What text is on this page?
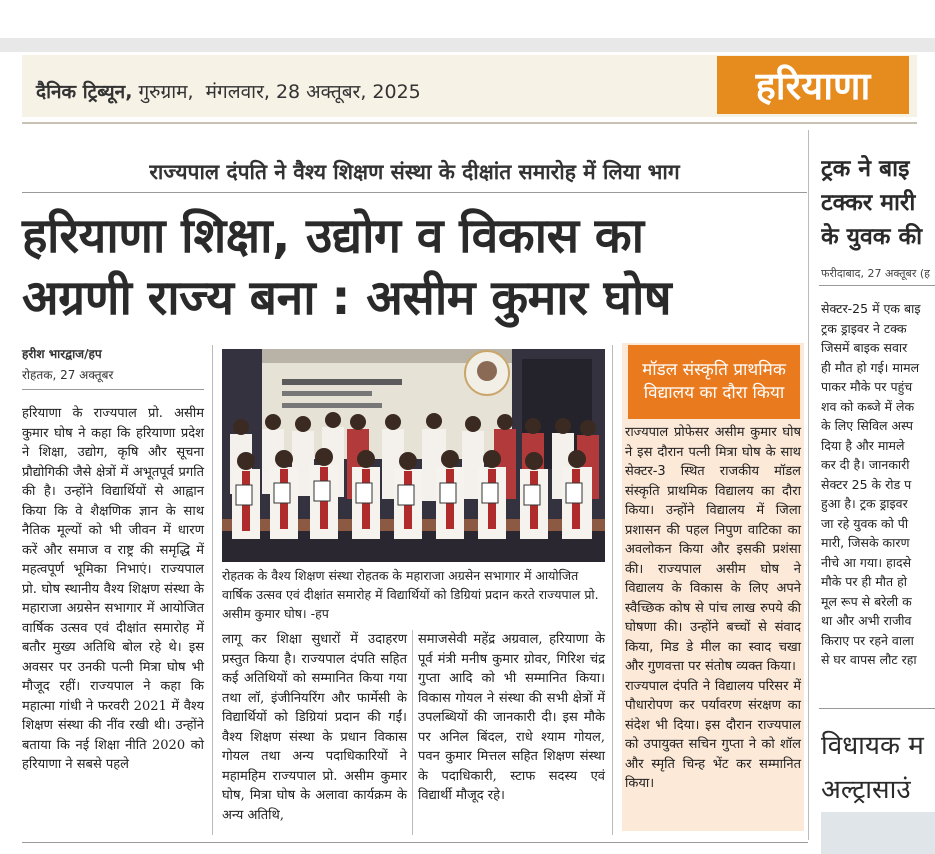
दैनिक ट्रिब्यून, गुरुग्राम, मंगलवार, 28 अक्तूबर, 2025	हरियाणा
राज्यपाल दंपति ने वैश्य शिक्षण संस्था के दीक्षांत समारोह में लिया भाग
हरियाणा शिक्षा, उद्योग व विकास का
अग्रणी राज्य बना : असीम कुमार घोष
हरीश भारद्वाज/हप
रोहतक, 27 अक्तूबर
हरियाणा के राज्यपाल प्रो. असीम कुमार घोष ने कहा कि हरियाणा प्रदेश ने शिक्षा, उद्योग, कृषि और सूचना प्रौद्योगिकी जैसे क्षेत्रों में अभूतपूर्व प्रगति की है। उन्होंने विद्यार्थियों से आह्वान किया कि वे शैक्षणिक ज्ञान के साथ नैतिक मूल्यों को भी जीवन में धारण करें और समाज व राष्ट्र की समृद्धि में महत्वपूर्ण भूमिका निभाएं। राज्यपाल प्रो. घोष स्थानीय वैश्य शिक्षण संस्था के महाराजा अग्रसेन सभागार में आयोजित वार्षिक उत्सव एवं दीक्षांत समारोह में बतौर मुख्य अतिथि बोल रहे थे। इस अवसर पर उनकी पत्नी मित्रा घोष भी मौजूद रहीं। राज्यपाल ने कहा कि महात्मा गांधी ने फरवरी 2021 में वैश्य शिक्षण संस्था की नींव रखी थी। उन्होंने बताया कि नई शिक्षा नीति 2020 को हरियाणा ने सबसे पहले
रोहतक के वैश्य शिक्षण संस्था रोहतक के महाराजा अग्रसेन सभागार में आयोजित वार्षिक उत्सव एवं दीक्षांत समारोह में विद्यार्थियों को डिग्रियां प्रदान करते राज्यपाल प्रो. असीम कुमार घोष। -हप
लागू कर शिक्षा सुधारों में उदाहरण प्रस्तुत किया है। राज्यपाल दंपति सहित कई अतिथियों को सम्मानित किया गया तथा लॉ, इंजीनियरिंग और फार्मेसी के विद्यार्थियों को डिग्रियां प्रदान की गईं। वैश्य शिक्षण संस्था के प्रधान विकास गोयल तथा अन्य पदाधिकारियों ने महामहिम राज्यपाल प्रो. असीम कुमार घोष, मित्रा घोष के अलावा कार्यक्रम के अन्य अतिथि,
समाजसेवी महेंद्र अग्रवाल, हरियाणा के पूर्व मंत्री मनीष कुमार ग्रोवर, गिरिश चंद्र गुप्ता आदि को भी सम्मानित किया। विकास गोयल ने संस्था की सभी क्षेत्रों में उपलब्धियों की जानकारी दी। इस मौके पर अनिल बिंदल, राधे श्याम गोयल, पवन कुमार मित्तल सहित शिक्षण संस्था के पदाधिकारी, स्टाफ सदस्य एवं विद्यार्थी मौजूद रहे।
मॉडल संस्कृति प्राथमिक विद्यालय का दौरा किया
राज्यपाल प्रोफेसर असीम कुमार घोष ने इस दौरान पत्नी मित्रा घोष के साथ सेक्टर-3 स्थित राजकीय मॉडल संस्कृति प्राथमिक विद्यालय का दौरा किया। उन्होंने विद्यालय में जिला प्रशासन की पहल निपुण वाटिका का अवलोकन किया और इसकी प्रशंसा की। राज्यपाल असीम घोष ने विद्यालय के विकास के लिए अपने स्वैच्छिक कोष से पांच लाख रुपये की घोषणा की। उन्होंने बच्चों से संवाद किया, मिड डे मील का स्वाद चखा और गुणवत्ता पर संतोष व्यक्त किया।
राज्यपाल दंपति ने विद्यालय परिसर में पौधारोपण कर पर्यावरण संरक्षण का संदेश भी दिया। इस दौरान राज्यपाल को उपायुक्त सचिन गुप्ता ने को शॉल और स्मृति चिन्ह भेंट कर सम्मानित किया।
ट्रक ने बाइ
टक्कर मारी
के युवक की
फरीदाबाद, 27 अक्तूबर (ह
सेक्टर-25 में एक बाइ
ट्रक ड्राइवर ने टक्क
जिसमें बाइक सवार
ही मौत हो गई। मामल
पाकर मौके पर पहुंच
शव को कब्जे में लेक
के लिए सिविल अस्प
दिया है और मामले
कर दी है। जानकारी
सेक्टर 25 के रोड प
हुआ है। ट्रक ड्राइवर
जा रहे युवक को पी
मारी, जिसके कारण
नीचे आ गया। हादसे
मौके पर ही मौत हो
मूल रूप से बरेली क
था और अभी राजीव
किराए पर रहने वाला
से घर वापस लौट रहा
विधायक म
अल्ट्रासाउं
